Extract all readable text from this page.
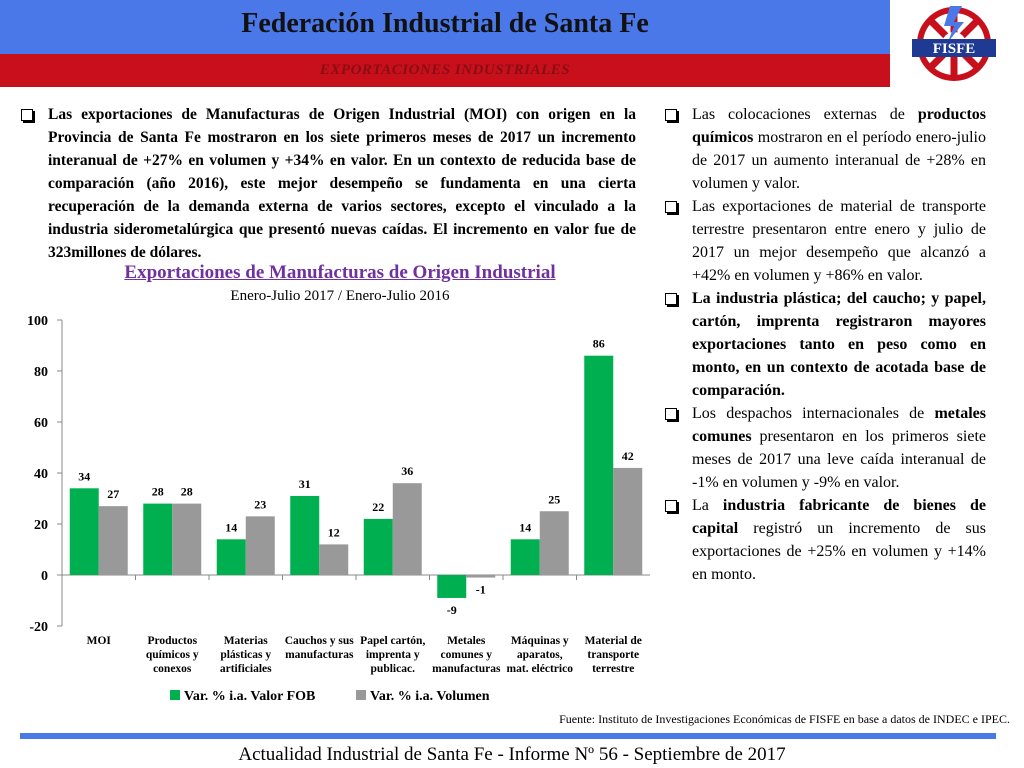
Federación Industrial de Santa Fe
EXPORTACIONES INDUSTRIALES
FISFE

Las exportaciones de Manufacturas de Origen Industrial (MOI) con origen en la Provincia de Santa Fe mostraron en los siete primeros meses de 2017 un incremento interanual de +27% en volumen y +34% en valor. En un contexto de reducida base de comparación (año 2016), este mejor desempeño se fundamenta en una cierta recuperación de la demanda externa de varios sectores, excepto el vinculado a la industria siderometalúrgica que presentó nuevas caídas. El incremento en valor fue de 323millones de dólares.

Las colocaciones externas de productos químicos mostraron en el período enero-julio de 2017 un aumento interanual de +28% en volumen y valor.

Las exportaciones de material de transporte terrestre presentaron entre enero y julio de 2017 un mejor desempeño que alcanzó a +42% en volumen y +86% en valor.

La industria plástica; del caucho; y papel, cartón, imprenta registraron mayores exportaciones tanto en peso como en monto, en un contexto de acotada base de comparación.

Los despachos internacionales de metales comunes presentaron en los primeros siete meses de 2017 una leve caída interanual de -1% en volumen y -9% en valor.

La industria fabricante de bienes de capital registró un incremento de sus exportaciones de +25% en volumen y +14% en monto.

Exportaciones de Manufacturas de Origen Industrial
Enero-Julio 2017 / Enero-Julio 2016
-20
0
20
40
60
80
100
34
27
MOI
28 28
Productos
químicos y
conexos
14
23
Materias
plásticas y
artificiales
31
12
Cauchos y sus
manufacturas
22
36
Papel cartón,
imprenta y
publicac.
-9
-1
Metales
comunes y
manufacturas
14
25
Máquinas y
aparatos,
mat. eléctrico
86
42
Material de
transporte
terrestre
Var. % i.a. Valor FOB	Var. % i.a. Volumen
Fuente: Instituto de Investigaciones Económicas de FISFE en base a datos de INDEC e IPEC.
Actualidad Industrial de Santa Fe - Informe Nº 56 - Septiembre de 2017
